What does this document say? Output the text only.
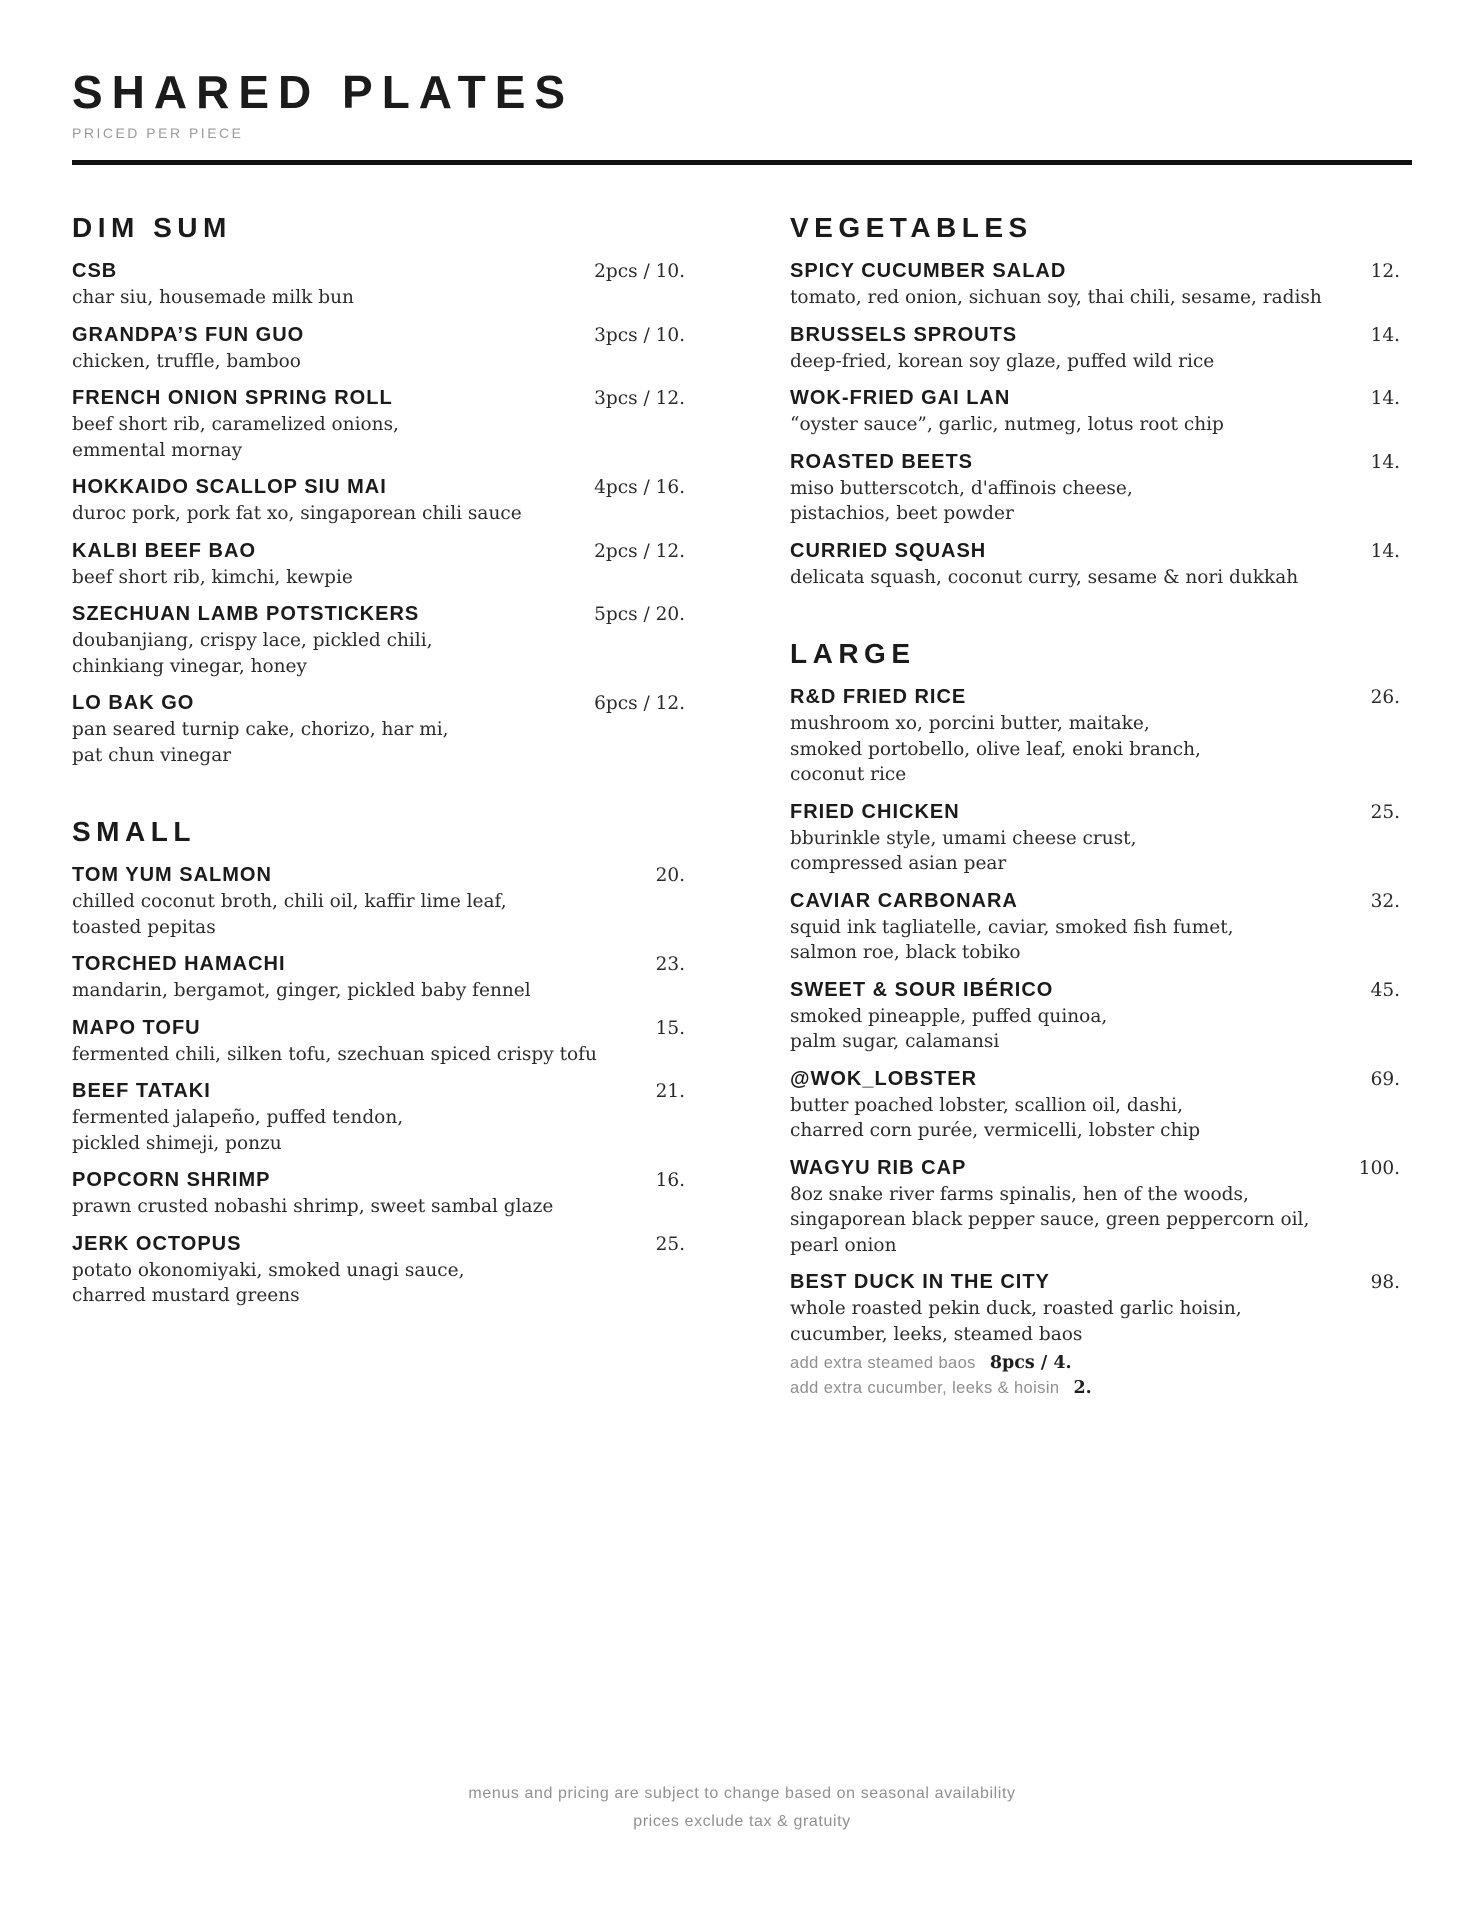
SHARED PLATES
PRICED PER PIECE
DIM SUM
CSB	2pcs / 10.
char siu, housemade milk bun
GRANDPA’S FUN GUO	3pcs / 10.
chicken, truffle, bamboo
FRENCH ONION SPRING ROLL	3pcs / 12.
beef short rib, caramelized onions,
emmental mornay
HOKKAIDO SCALLOP SIU MAI	4pcs / 16.
duroc pork, pork fat xo, singaporean chili sauce
KALBI BEEF BAO	2pcs / 12.
beef short rib, kimchi, kewpie
SZECHUAN LAMB POTSTICKERS	5pcs / 20.
doubanjiang, crispy lace, pickled chili,
chinkiang vinegar, honey
LO BAK GO	6pcs / 12.
pan seared turnip cake, chorizo, har mi,
pat chun vinegar
SMALL
TOM YUM SALMON	20.
chilled coconut broth, chili oil, kaffir lime leaf,
toasted pepitas
TORCHED HAMACHI	23.
mandarin, bergamot, ginger, pickled baby fennel
MAPO TOFU	15.
fermented chili, silken tofu, szechuan spiced crispy tofu
BEEF TATAKI	21.
fermented jalapeño, puffed tendon,
pickled shimeji, ponzu
POPCORN SHRIMP	16.
prawn crusted nobashi shrimp, sweet sambal glaze
JERK OCTOPUS	25.
potato okonomiyaki, smoked unagi sauce,
charred mustard greens
VEGETABLES
SPICY CUCUMBER SALAD	12.
tomato, red onion, sichuan soy, thai chili, sesame, radish
BRUSSELS SPROUTS	14.
deep-fried, korean soy glaze, puffed wild rice
WOK-FRIED GAI LAN	14.
“oyster sauce”, garlic, nutmeg, lotus root chip
ROASTED BEETS	14.
miso butterscotch, d'affinois cheese,
pistachios, beet powder
CURRIED SQUASH	14.
delicata squash, coconut curry, sesame & nori dukkah
LARGE
R&D FRIED RICE	26.
mushroom xo, porcini butter, maitake,
smoked portobello, olive leaf, enoki branch,
coconut rice
FRIED CHICKEN	25.
bburinkle style, umami cheese crust,
compressed asian pear
CAVIAR CARBONARA	32.
squid ink tagliatelle, caviar, smoked fish fumet,
salmon roe, black tobiko
SWEET & SOUR IBÉRICO	45.
smoked pineapple, puffed quinoa,
palm sugar, calamansi
@WOK_LOBSTER	69.
butter poached lobster, scallion oil, dashi,
charred corn purée, vermicelli, lobster chip
WAGYU RIB CAP	100.
8oz snake river farms spinalis, hen of the woods,
singaporean black pepper sauce, green peppercorn oil,
pearl onion
BEST DUCK IN THE CITY	98.
whole roasted pekin duck, roasted garlic hoisin,
cucumber, leeks, steamed baos
add extra steamed baos 8pcs / 4.
add extra cucumber, leeks & hoisin 2.
menus and pricing are subject to change based on seasonal availability
prices exclude tax & gratuity
